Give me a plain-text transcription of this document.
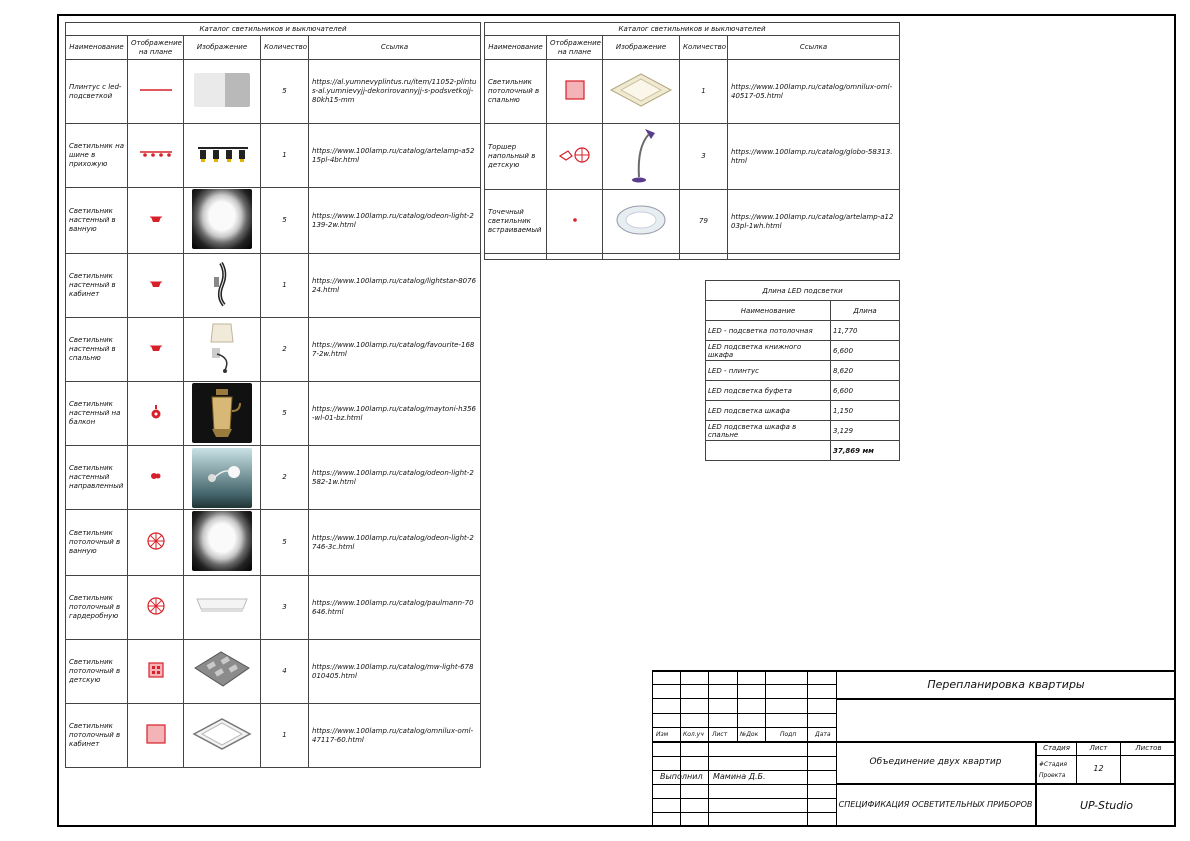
Каталог светильников и выключателей				
Наименование	Отображение на плане	Изображение	Количество	Ссылка
Плинтус с led-подсветкой			5	https://al.yumnevyplintus.ru/item/11052-plintus-al.yumnievyjj-dekorirovannyjj-s-podsvetkojj-80kh15-mm
Светильник на шине в прихожую			1	https://www.100lamp.ru/catalog/artelamp-a5215pl-4br.html
Светильник настенный в ванную			5	https://www.100lamp.ru/catalog/odeon-light-2139-2w.html
Светильник настенный в кабинет			1	https://www.100lamp.ru/catalog/lightstar-807624.html
Светильник настенный в спальню			2	https://www.100lamp.ru/catalog/favourite-1687-2w.html
Светильник настенный на балкон			5	https://www.100lamp.ru/catalog/maytoni-h356-wl-01-bz.html
Светильник настенный направленный			2	https://www.100lamp.ru/catalog/odeon-light-2582-1w.html
Светильник потолочный в ванную			5	https://www.100lamp.ru/catalog/odeon-light-2746-3c.html
Светильник потолочный в гардеробную			3	https://www.100lamp.ru/catalog/paulmann-70646.html
Светильник потолочный в детскую			4	https://www.100lamp.ru/catalog/mw-light-678010405.html
Светильник потолочный в кабинет			1	https://www.100lamp.ru/catalog/omnilux-oml-47117-60.html
Каталог светильников и выключателей				
Наименование	Отображение на плане	Изображение	Количество	Ссылка
Светильник потолочный в спальню			1	https://www.100lamp.ru/catalog/omnilux-oml-40517-05.html
Торшер напольный в детскую			3	https://www.100lamp.ru/catalog/globo-58313.html
Точечный светильник встраиваемый			79	https://www.100lamp.ru/catalog/artelamp-a1203pl-1wh.html

Длина LED подсветки	
Наименование	Длина
LED - подсветка потолочная	11,770
LED подсветка книжного шкафа	6,600
LED - плинтус	8,620
LED подсветка буфета	6,600
LED подсветка шкафа	1,150
LED подсветка шкафа в спальне	3,129
	37,869 мм
Изм Кол.уч Лист №Док	Подп	Дата
Выполнил Мамина Д.Б.
Перепланировка квартиры
Объединение двух квартир
СПЕЦИФИКАЦИЯ ОСВЕТИТЕЛЬНЫХ ПРИБОРОВ	UP-Studio
Стадия	Лист	Листов
#Стадия Проекта
12
